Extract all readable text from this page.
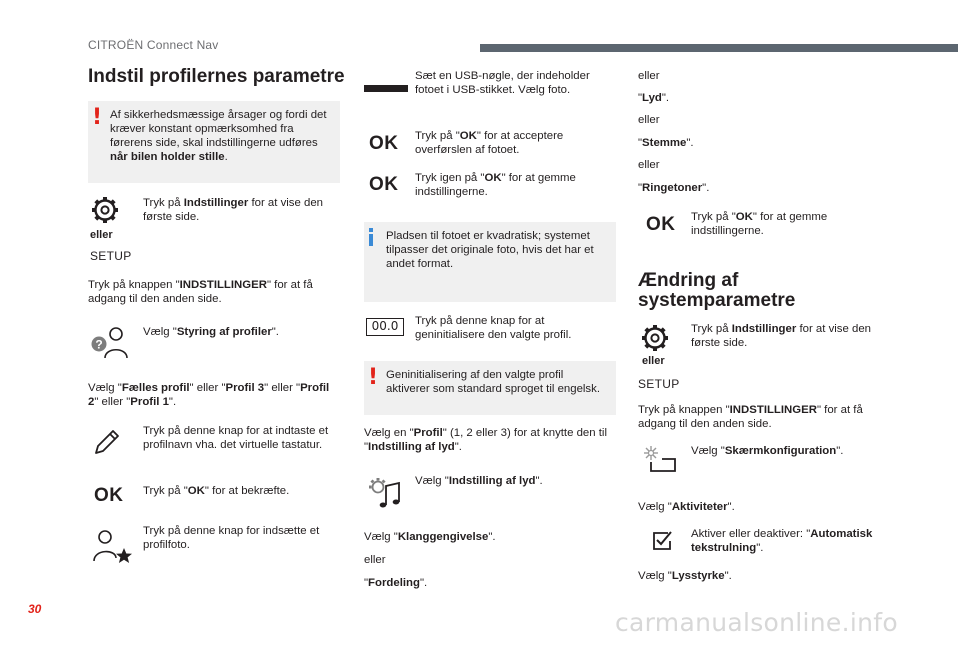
CITROËN Connect Nav
Indstil profilernes parametre
! Af sikkerhedsmæssige årsager og fordi det kræver konstant opmærksomhed fra førerens side, skal indstillingerne udføres når bilen holder stille.
eller
SETUP
Tryk på Indstillinger for at vise den første side.
Tryk på knappen "INDSTILLINGER" for at få adgang til den anden side.
?
Vælg "Styring af profiler".
Vælg "Fælles profil" eller "Profil 3" eller "Profil 2" eller "Profil 1".
Tryk på denne knap for at indtaste et profilnavn vha. det virtuelle tastatur.
OK Tryk på "OK" for at bekræfte.
Tryk på denne knap for indsætte et profilfoto.
Sæt en USB-nøgle, der indeholder fotoet i USB-stikket. Vælg foto.
OK Tryk på "OK" for at acceptere overførslen af fotoet.
OK Tryk igen på "OK" for at gemme indstillingerne.
Pladsen til fotoet er kvadratisk; systemet tilpasser det originale foto, hvis det har et andet format.
00.0	Tryk på denne knap for at geninitialisere den valgte profil.
! Geninitialisering af den valgte profil aktiverer som standard sproget til engelsk.
Vælg en "Profil" (1, 2 eller 3) for at knytte den til "Indstilling af lyd".
Vælg "Indstilling af lyd".
Vælg "Klanggengivelse".
eller
"Fordeling".
eller
"Lyd".
eller
"Stemme".
eller
"Ringetoner".
OK Tryk på "OK" for at gemme indstillingerne.
Ændring af
systemparametre
eller
SETUP
Tryk på Indstillinger for at vise den første side.
Tryk på knappen "INDSTILLINGER" for at få adgang til den anden side.
Vælg "Skærmkonfiguration".
Vælg "Aktiviteter".
Aktiver eller deaktiver: "Automatisk tekstrulning".
Vælg "Lysstyrke".
30	carmanualsonline.info
